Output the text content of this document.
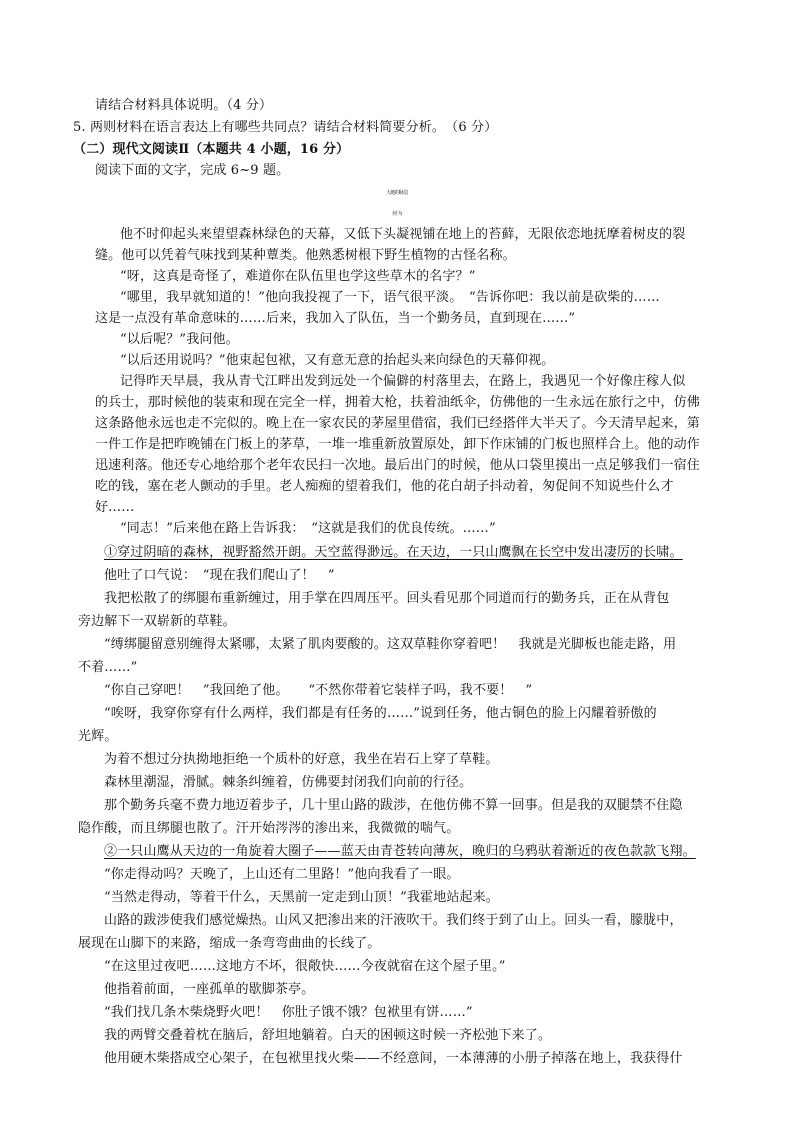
请结合材料具体说明。（4 分）
5. 两则材料在语言表达上有哪些共同点？请结合材料简要分析。　（6 分）
（二）现代文阅读Ⅱ（本题共 4 小题，16 分）
阅读下面的文字，完成 6~9 题。
大地的脉息
何 为
他不时仰起头来望望森林绿色的天幕，又低下头凝视铺在地上的苔藓，无限依恋地抚摩着树皮的裂
缝。他可以凭着气味找到某种蕈类。他熟悉树根下野生植物的古怪名称。
“呀，这真是奇怪了，难道你在队伍里也学这些草木的名字？”
“哪里，我早就知道的！”他向我投视了一下，语气很平淡。　“告诉你吧：我以前是砍柴的……
这是一点没有革命意味的……后来，我加入了队伍，当一个勤务员，直到现在……”
“以后呢？”我问他。
“以后还用说吗？”他束起包袱，又有意无意的抬起头来向绿色的天幕仰视。
记得昨天早晨，我从青弋江畔出发到远处一个偏僻的村落里去，在路上，我遇见一个好像庄稼人似
的兵士，那时候他的装束和现在完全一样，拥着大枪，扶着油纸伞，仿佛他的一生永远在旅行之中，仿佛
这条路他永远也走不完似的。晚上在一家农民的茅屋里借宿，我们已经搭伴大半天了。今天清早起来，第
一件工作是把昨晚铺在门板上的茅草，一堆一堆重新放置原处，卸下作床铺的门板也照样合上。他的动作
迅速利落。他还专心地给那个老年农民扫一次地。最后出门的时候，他从口袋里摸出一点足够我们一宿住
吃的钱，塞在老人颤动的手里。老人痴痴的望着我们，他的花白胡子抖动着，匆促间不知说些什么才
好……
“同志！”后来他在路上告诉我：　“这就是我们的优良传统。……”
①穿过阴暗的森林，视野豁然开朗。天空蓝得渺远。在天边，一只山鹰飘在长空中发出凄厉的长啸。
他吐了口气说：　“现在我们爬山了！　”
我把松散了的绑腿布重新缠过，用手掌在四周压平。回头看见那个同道而行的勤务兵，正在从背包
旁边解下一双崭新的草鞋。
“缚绑腿留意别缠得太紧哪，太紧了肌肉要酸的。这双草鞋你穿着吧！　我就是光脚板也能走路，用
不着……”
“你自己穿吧！　”我回绝了他。　　“不然你带着它装样子吗，我不要！　”
“唉呀，我穿你穿有什么两样，我们都是有任务的……”说到任务，他古铜色的脸上闪耀着骄傲的
光辉。
为着不想过分执拗地拒绝一个质朴的好意，我坐在岩石上穿了草鞋。
森林里潮湿，滑腻。棘条纠缠着，仿佛要封闭我们向前的行径。
那个勤务兵毫不费力地迈着步子，几十里山路的跋涉，在他仿佛不算一回事。但是我的双腿禁不住隐
隐作酸，而且绑腿也散了。汗开始涔涔的渗出来，我微微的喘气。
②一只山鹰从天边的一角旋着大圈子——蓝天由青苍转向薄灰，晚归的乌鸦驮着渐近的夜色款款飞翔。
“你走得动吗？天晚了，上山还有二里路！”他向我看了一眼。
“当然走得动，等着干什么，天黑前一定走到山顶！”我霍地站起来。
山路的跋涉使我们感觉燥热。山风又把渗出来的汗液吹干。我们终于到了山上。回头一看，朦胧中，
展现在山脚下的来路，缩成一条弯弯曲曲的长线了。
“在这里过夜吧……这地方不坏，很敞快……今夜就宿在这个屋子里。”
他指着前面，一座孤单的歇脚茶亭。
“我们找几条木柴烧野火吧！　你肚子饿不饿？包袱里有饼……”
我的两臂交叠着枕在脑后，舒坦地躺着。白天的困顿这时候一齐松弛下来了。
他用硬木柴搭成空心架子，在包袱里找火柴——不经意间，一本薄薄的小册子掉落在地上，我获得什
